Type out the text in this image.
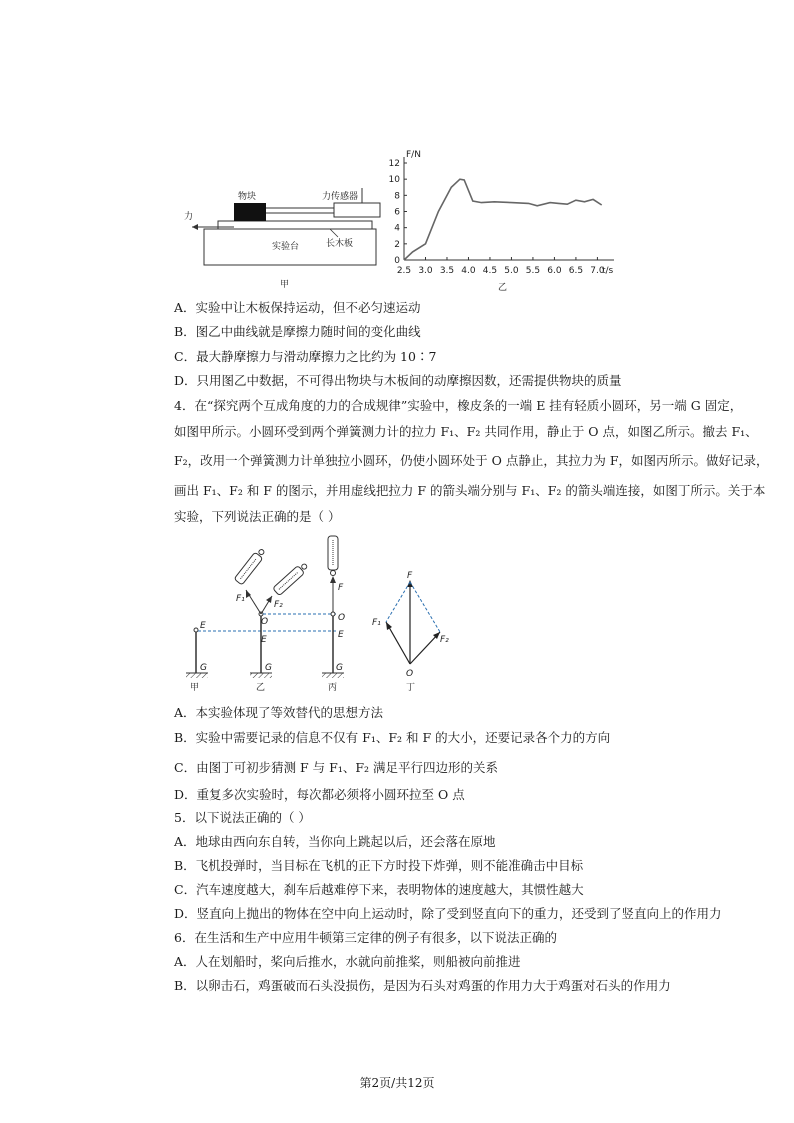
力
物块	力传感器
实验台	长木板
甲
12
10
8
6
4
2
0
2.5 3.0 3.5 4.0 4.5 5.0 5.5 6.0 6.5 7.0
F/N
t/s
乙
A．实验中让木板保持运动，但不必匀速运动
B．图乙中曲线就是摩擦力随时间的变化曲线
C．最大静摩擦力与滑动摩擦力之比约为 10∶7
D．只用图乙中数据，不可得出物块与木板间的动摩擦因数，还需提供物块的质量
4．在“探究两个互成角度的力的合成规律”实验中，橡皮条的一端 E 挂有轻质小圆环，另一端 G 固定，
如图甲所示。小圆环受到两个弹簧测力计的拉力 F₁、F₂ 共同作用，静止于 O 点，如图乙所示。撤去 F₁、
F₂，改用一个弹簧测力计单独拉小圆环，仍使小圆环处于 O 点静止，其拉力为 F，如图丙所示。做好记录，
画出 F₁、F₂ 和 F 的图示，并用虚线把拉力 F 的箭头端分别与 F₁、F₂ 的箭头端连接，如图丁所示。关于本
实验，下列说法正确的是（ ）
E
G
甲
O
E
G
乙
F₁
F₂
F
O
E
G
丙
F
F₁
F₂
O
丁
A．本实验体现了等效替代的思想方法
B．实验中需要记录的信息不仅有 F₁、F₂ 和 F 的大小，还要记录各个力的方向
C．由图丁可初步猜测 F 与 F₁、F₂ 满足平行四边形的关系
D．重复多次实验时，每次都必须将小圆环拉至 O 点
5．以下说法正确的（ ）
A．地球由西向东自转，当你向上跳起以后，还会落在原地
B．飞机投弹时，当目标在飞机的正下方时投下炸弹，则不能准确击中目标
C．汽车速度越大，刹车后越难停下来，表明物体的速度越大，其惯性越大
D．竖直向上抛出的物体在空中向上运动时，除了受到竖直向下的重力，还受到了竖直向上的作用力
6．在生活和生产中应用牛顿第三定律的例子有很多，以下说法正确的
A．人在划船时，桨向后推水，水就向前推桨，则船被向前推进
B．以卵击石，鸡蛋破而石头没损伤，是因为石头对鸡蛋的作用力大于鸡蛋对石头的作用力
第2页/共12页
